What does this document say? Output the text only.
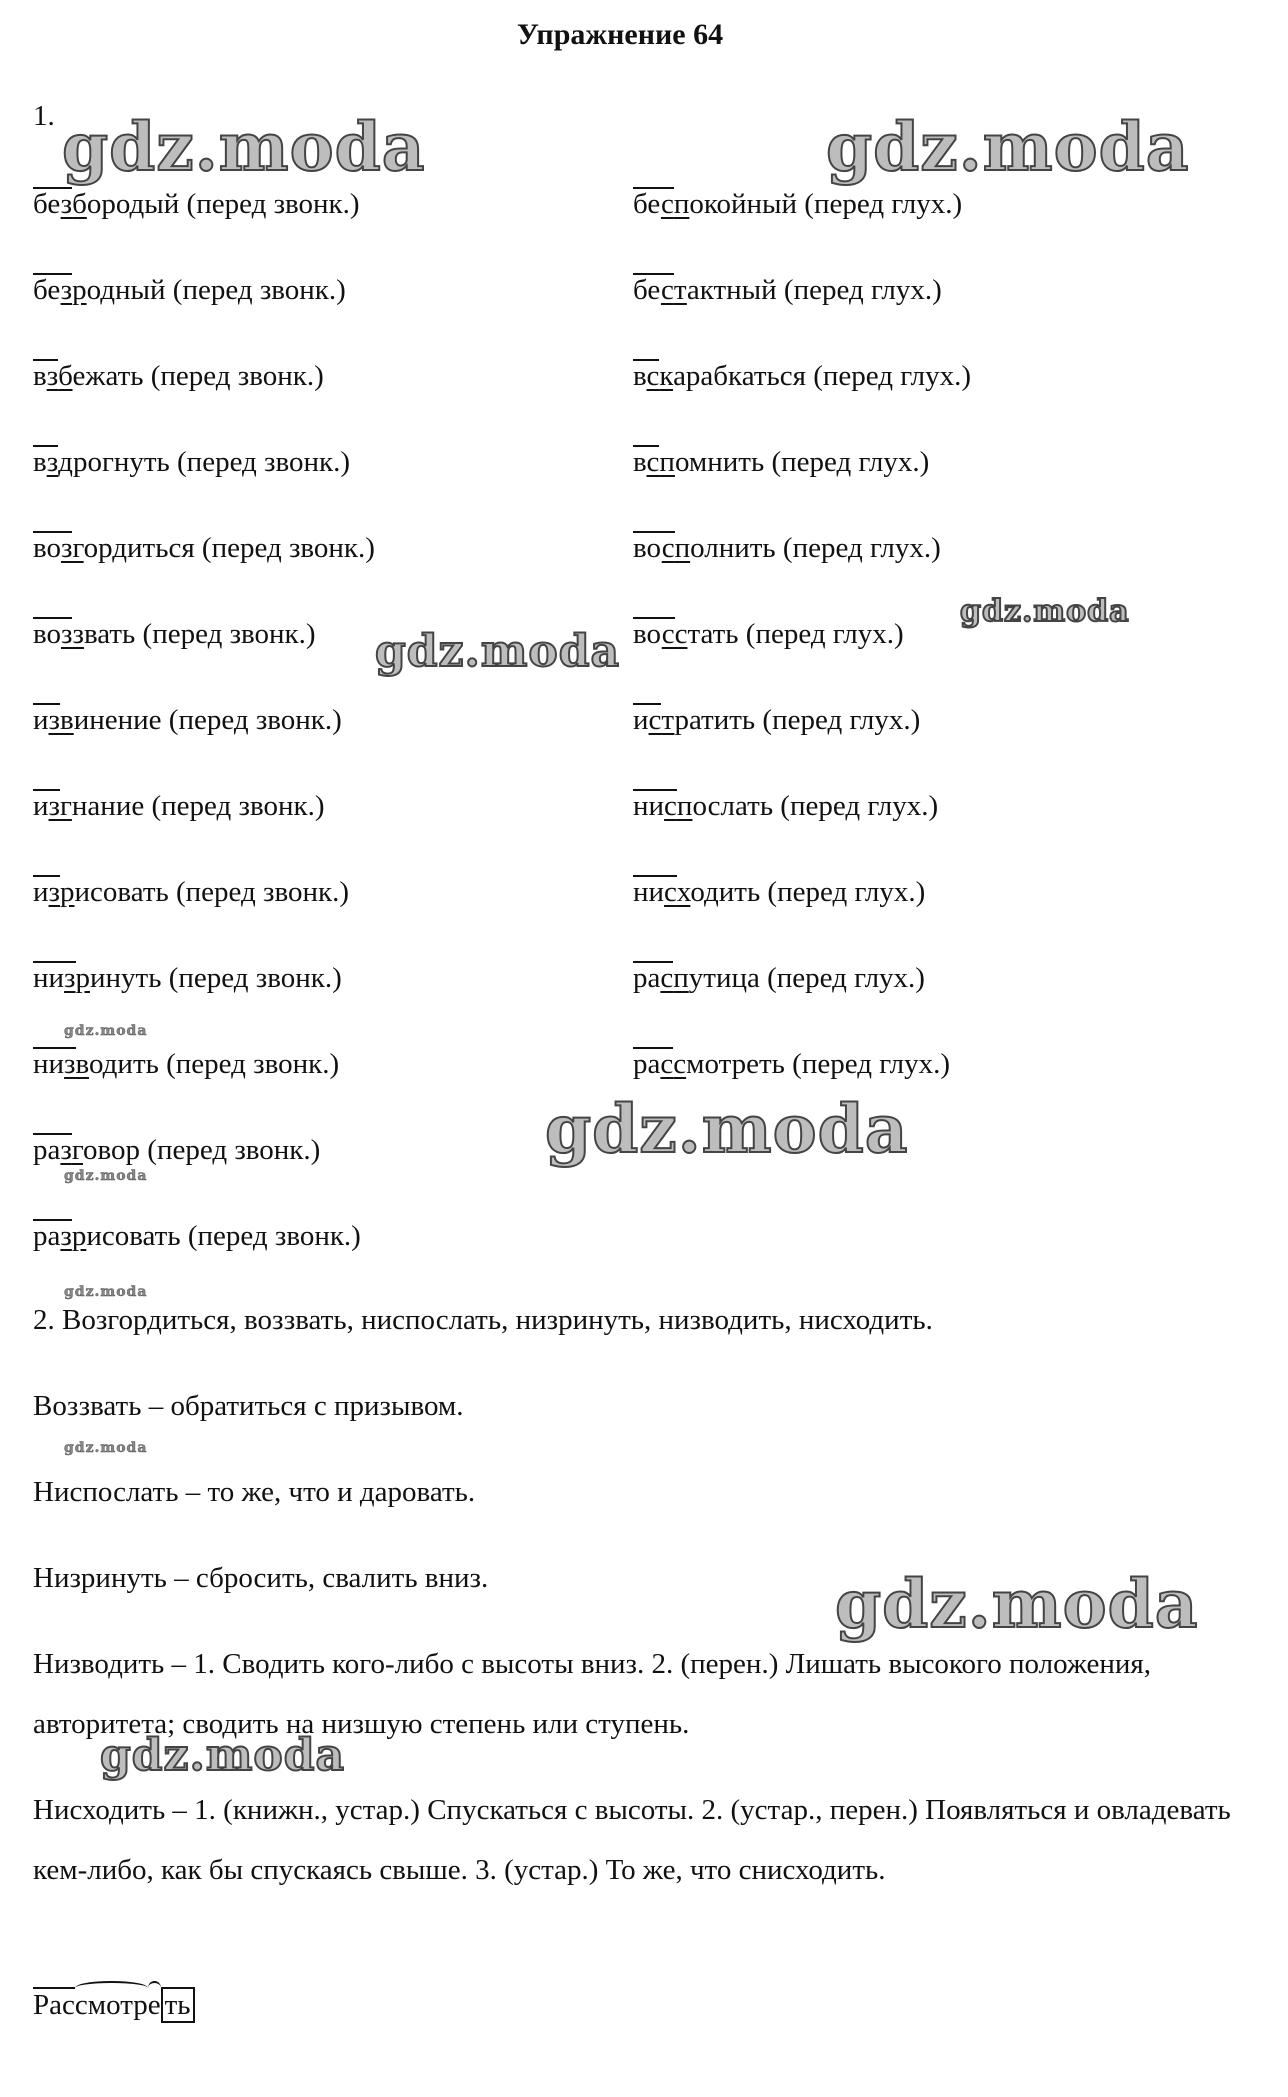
Упражнение 64
1.
безбородый (перед звонк.)
безродный (перед звонк.)
взбежать (перед звонк.)
вздрогнуть (перед звонк.)
возгордиться (перед звонк.)
воззвать (перед звонк.)
извинение (перед звонк.)
изгнание (перед звонк.)
изрисовать (перед звонк.)
низринуть (перед звонк.)
низводить (перед звонк.)
разговор (перед звонк.)
разрисовать (перед звонк.)
беспокойный (перед глух.)
бестактный (перед глух.)
вскарабкаться (перед глух.)
вспомнить (перед глух.)
восполнить (перед глух.)
восстать (перед глух.)
истратить (перед глух.)
ниспослать (перед глух.)
нисходить (перед глух.)
распутица (перед глух.)
рассмотреть (перед глух.)
2. Возгордиться, воззвать, ниспослать, низринуть, низводить, нисходить.
Воззвать – обратиться с призывом.
Ниспослать – то же, что и даровать.
Низринуть – сбросить, свалить вниз.
Низводить – 1. Сводить кого-либо с высоты вниз. 2. (перен.) Лишать высокого положения, авторитета; сводить на низшую степень или ступень.
Нисходить – 1. (книжн., устар.) Спускаться с высоты. 2. (устар., перен.) Появляться и овладевать кем-либо, как бы спускаясь свыше. 3. (устар.) То же, что снисходить.
Рассмотре ть
gdz.moda	gdz.moda
gdz.moda
gdz.moda
gdz.moda
gdz.moda
gdz.moda
gdz.moda
gdz.moda
gdz.moda
gdz.moda
